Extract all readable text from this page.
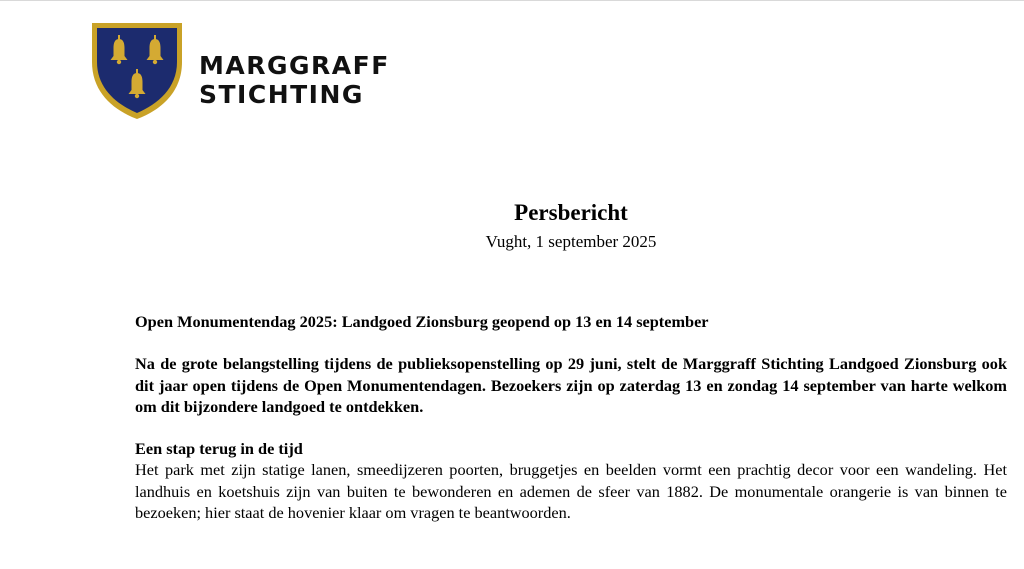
MARGGRAFF
STICHTING
Persbericht
Vught, 1 september 2025

Open Monumentendag 2025: Landgoed Zionsburg geopend op 13 en 14 september

Na de grote belangstelling tijdens de publieksopenstelling op 29 juni, stelt de Marggraff Stichting Landgoed Zionsburg ook dit jaar open tijdens de Open Monumentendagen. Bezoekers zijn op zaterdag 13 en zondag 14 september van harte welkom om dit bijzondere landgoed te ontdekken.

Een stap terug in de tijd

Het park met zijn statige lanen, smeedijzeren poorten, bruggetjes en beelden vormt een prachtig decor voor een wandeling. Het landhuis en koetshuis zijn van buiten te bewonderen en ademen de sfeer van 1882. De monumentale orangerie is van binnen te bezoeken; hier staat de hovenier klaar om vragen te beantwoorden.
